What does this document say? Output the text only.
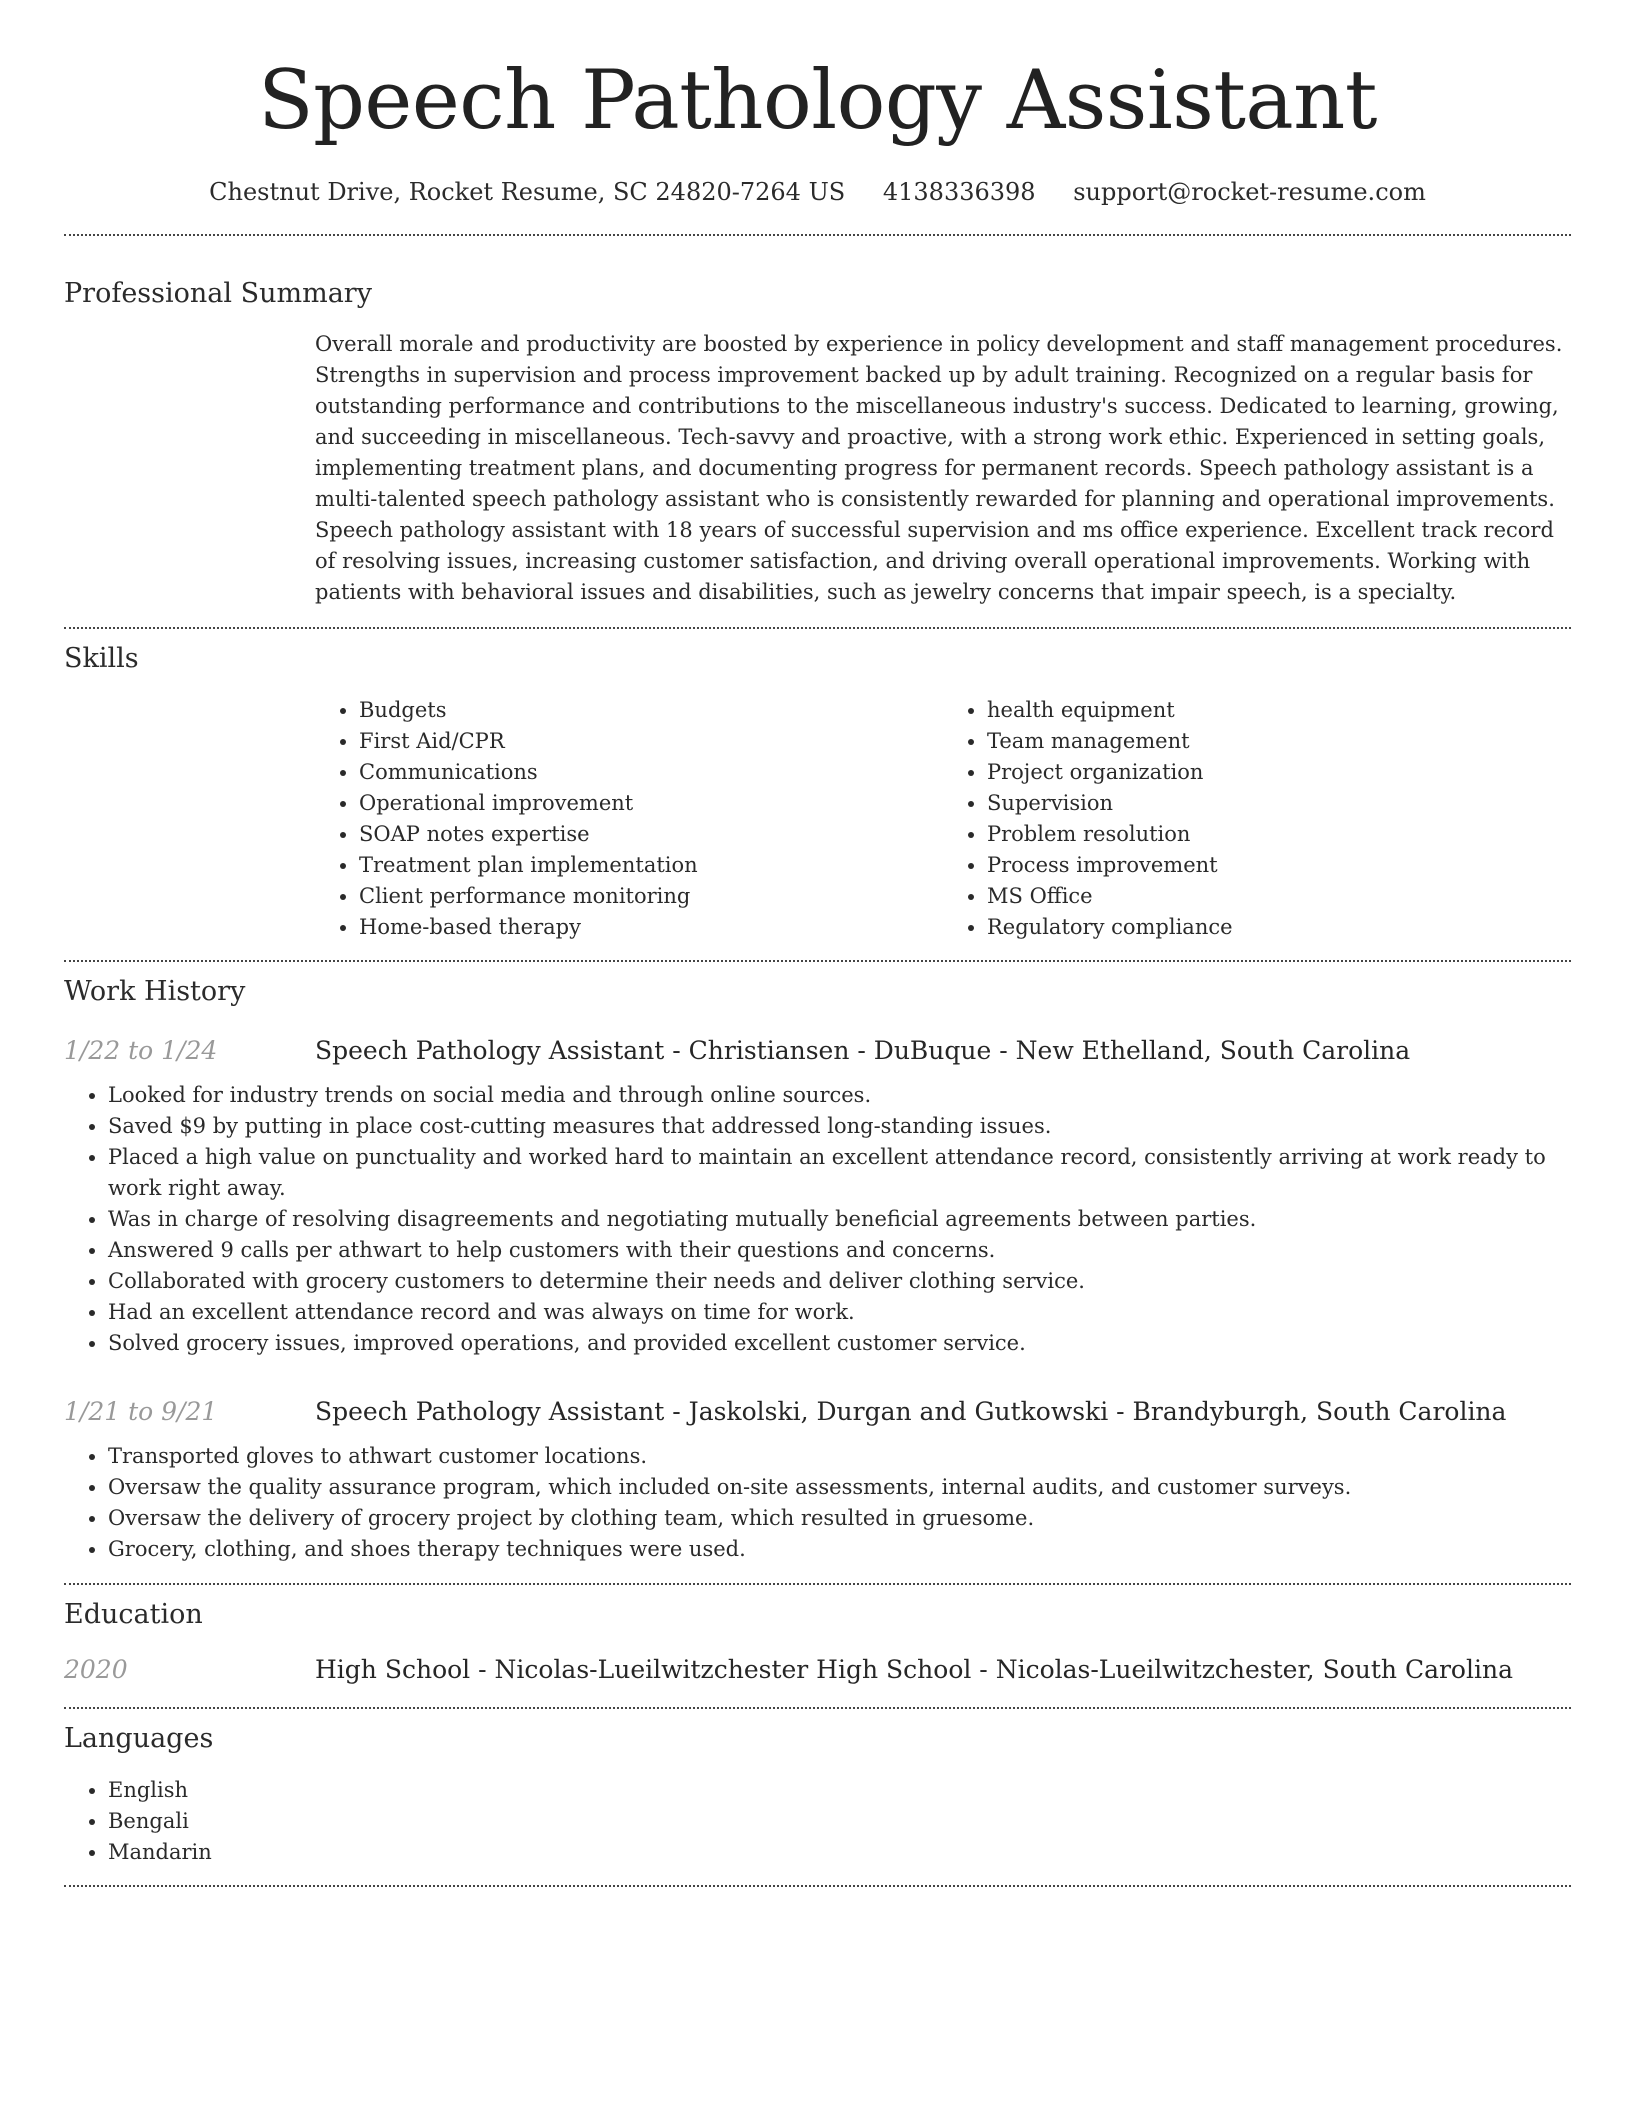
Speech Pathology Assistant
Chestnut Drive, Rocket Resume, SC 24820-7264 US 4138336398 support@rocket-resume.com
Professional Summary
Overall morale and productivity are boosted by experience in policy development and staff management procedures. Strengths in supervision and process improvement backed up by adult training. Recognized on a regular basis for outstanding performance and contributions to the miscellaneous industry's success. Dedicated to learning, growing, and succeeding in miscellaneous. Tech-savvy and proactive, with a strong work ethic. Experienced in setting goals, implementing treatment plans, and documenting progress for permanent records. Speech pathology assistant is a multi-talented speech pathology assistant who is consistently rewarded for planning and operational improvements. Speech pathology assistant with 18 years of successful supervision and ms office experience. Excellent track record of resolving issues, increasing customer satisfaction, and driving overall operational improvements. Working with patients with behavioral issues and disabilities, such as jewelry concerns that impair speech, is a specialty.
Skills
• Budgets
• First Aid/CPR
• Communications
• Operational improvement
• SOAP notes expertise
• Treatment plan implementation
• Client performance monitoring
• Home-based therapy
• health equipment
• Team management
• Project organization
• Supervision
• Problem resolution
• Process improvement
• MS Office
• Regulatory compliance
Work History
1/22 to 1/24	Speech Pathology Assistant - Christiansen - DuBuque - New Ethelland, South Carolina
• Looked for industry trends on social media and through online sources.
• Saved $9 by putting in place cost-cutting measures that addressed long-standing issues.
• Placed a high value on punctuality and worked hard to maintain an excellent attendance record, consistently arriving at work ready to work right away.
• Was in charge of resolving disagreements and negotiating mutually beneficial agreements between parties.
• Answered 9 calls per athwart to help customers with their questions and concerns.
• Collaborated with grocery customers to determine their needs and deliver clothing service.
• Had an excellent attendance record and was always on time for work.
• Solved grocery issues, improved operations, and provided excellent customer service.
1/21 to 9/21	Speech Pathology Assistant - Jaskolski, Durgan and Gutkowski - Brandyburgh, South Carolina
• Transported gloves to athwart customer locations.
• Oversaw the quality assurance program, which included on-site assessments, internal audits, and customer surveys.
• Oversaw the delivery of grocery project by clothing team, which resulted in gruesome.
• Grocery, clothing, and shoes therapy techniques were used.
Education
2020	High School - Nicolas-Lueilwitzchester High School - Nicolas-Lueilwitzchester, South Carolina
Languages
• English
• Bengali
• Mandarin
